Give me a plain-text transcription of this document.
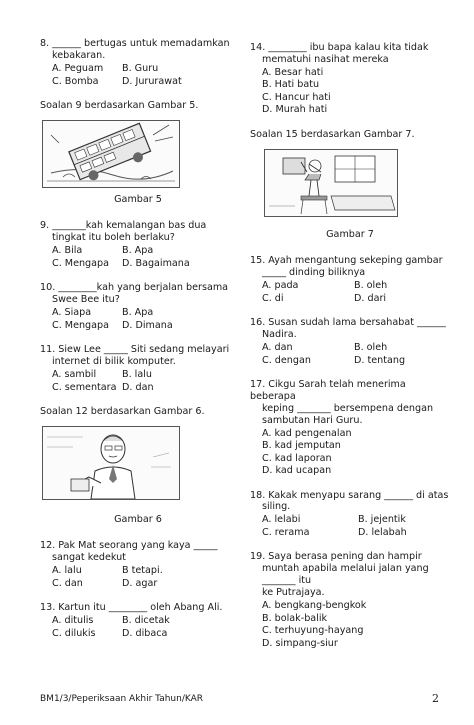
8. ______ bertugas untuk memadamkan
kebakaran.
A. Peguam	B. Guru
C. Bomba	D. Jururawat
Soalan 9 berdasarkan Gambar 5.
Gambar 5
9. _______kah kemalangan bas dua
tingkat itu boleh berlaku?
A. Bila	B. Apa
C. Mengapa	D. Bagaimana
10. ________kah yang berjalan bersama
Swee Bee itu?
A. Siapa	B. Apa
C. Mengapa	D. Dimana
11. Siew Lee _____ Siti sedang melayari
internet di bilik komputer.
A. sambil	B. lalu
C. sementara D. dan
Soalan 12 berdasarkan Gambar 6.
Gambar 6
12. Pak Mat seorang yang kaya _____
sangat kedekut
A. lalu	B tetapi.
C. dan	D. agar
13. Kartun itu ________ oleh Abang Ali.
A. ditulis	B. dicetak
C. dilukis	D. dibaca
14. ________ ibu bapa kalau kita tidak
mematuhi nasihat mereka
A. Besar hati
B. Hati batu
C. Hancur hati
D. Murah hati
Soalan 15 berdasarkan Gambar 7.
Gambar 7
15. Ayah mengantung sekeping gambar
_____ dinding biliknya
A. pada	B. oleh
C. di	D. dari
16. Susan sudah lama bersahabat ______
Nadira.
A. dan	B. oleh
C. dengan	D. tentang
17. Cikgu Sarah telah menerima beberapa
keping _______ bersempena dengan
sambutan Hari Guru.
A. kad pengenalan
B. kad jemputan
C. kad laporan
D. kad ucapan
18. Kakak menyapu sarang ______ di atas
siling.
A. lelabi	B. jejentik
C. rerama	D. lelabah
19. Saya berasa pening dan hampir
muntah apabila melalui jalan yang
_______ itu
ke Putrajaya.
A. bengkang-bengkok
B. bolak-balik
C. terhuyung-hayang
D. simpang-siur
BM1/3/Peperiksaan Akhir Tahun/KAR	2
